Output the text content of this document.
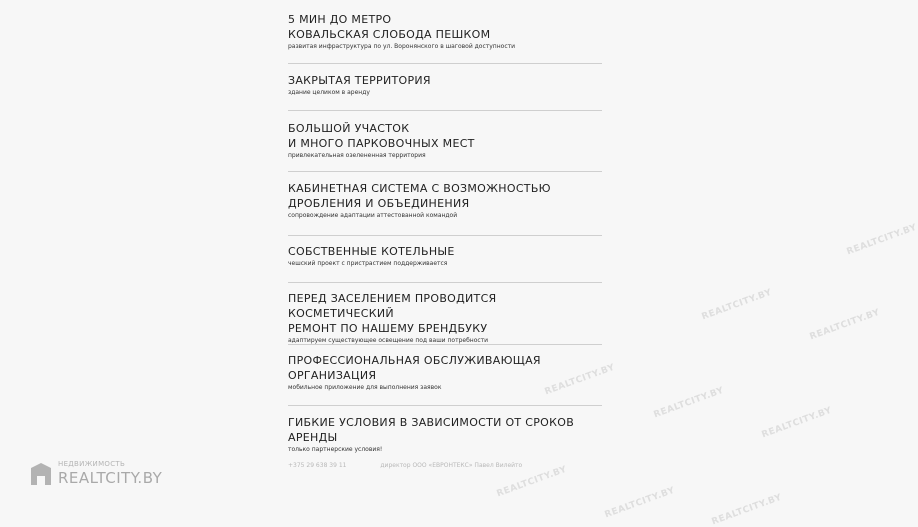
5 МИН ДО МЕТРО
КОВАЛЬСКАЯ СЛОБОДА ПЕШКОМ
развитая инфраструктура по ул. Воронянского в шаговой доступности
ЗАКРЫТАЯ ТЕРРИТОРИЯ
здание целиком в аренду
БОЛЬШОЙ УЧАСТОК
И МНОГО ПАРКОВОЧНЫХ МЕСТ
привлекательная озелененная территория
КАБИНЕТНАЯ СИСТЕМА С ВОЗМОЖНОСТЬЮ
ДРОБЛЕНИЯ И ОБЪЕДИНЕНИЯ
сопровождение адаптации аттестованной командой
СОБСТВЕННЫЕ КОТЕЛЬНЫЕ
чешский проект с пристрастием поддерживается
ПЕРЕД ЗАСЕЛЕНИЕМ ПРОВОДИТСЯ КОСМЕТИЧЕСКИЙ
РЕМОНТ ПО НАШЕМУ БРЕНДБУКУ
адаптируем существующее освещение под ваши потребности
ПРОФЕССИОНАЛЬНАЯ ОБСЛУЖИВАЮЩАЯ
ОРГАНИЗАЦИЯ
мобильное приложение для выполнения заявок
ГИБКИЕ УСЛОВИЯ В ЗАВИСИМОСТИ ОТ СРОКОВ АРЕНДЫ
только партнерские условия!
+375 29 638 39 11	директор ООО «ЕВРОНТЕКС» Павел Вилейто
REALTCITY.BY
REALTCITY.BY
REALTCITY.BY
REALTCITY.BY
REALTCITY.BY
REALTCITY.BY
REALTCITY.BY	REALTCITY.BY
REALTCITY.BY
НЕДВИЖИМОСТЬ
REALTCITY.BY
